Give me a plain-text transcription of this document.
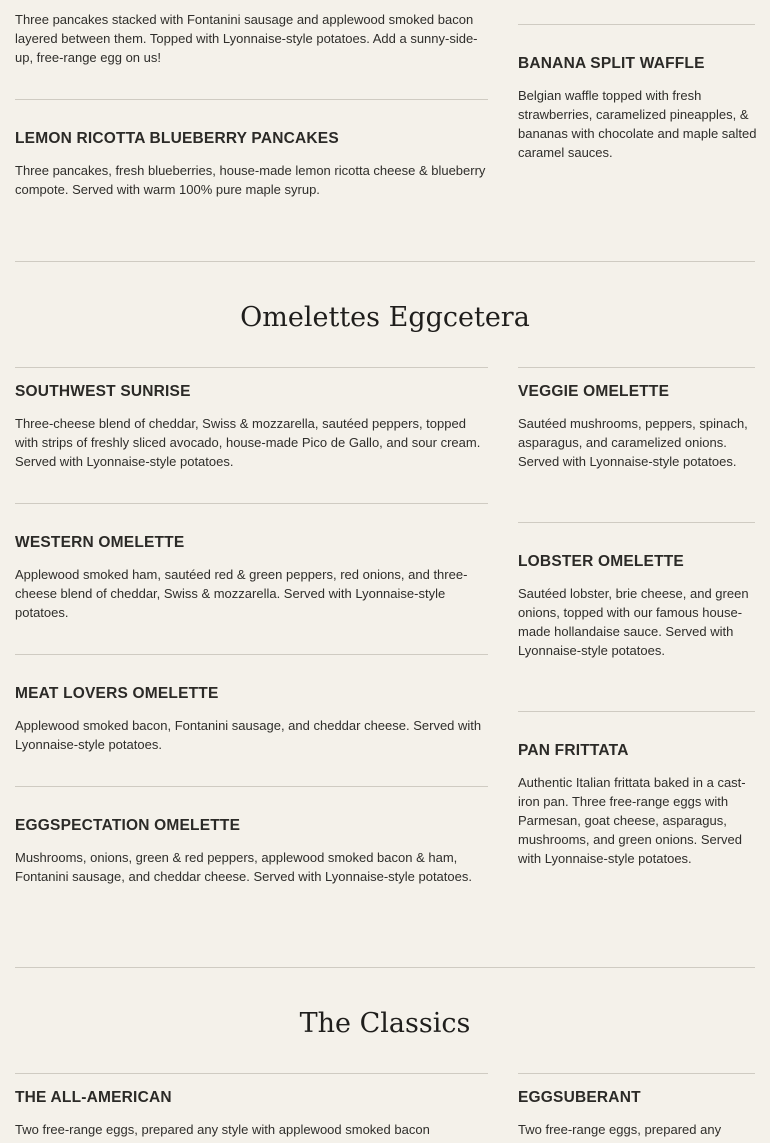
Three pancakes stacked with Fontanini sausage and applewood smoked bacon layered between them. Topped with Lyonnaise-style potatoes. Add a sunny-side-up, free-range egg on us!

LEMON RICOTTA BLUEBERRY PANCAKES

Three pancakes, fresh blueberries, house-made lemon ricotta cheese & blueberry compote. Served with warm 100% pure maple syrup.

BANANA SPLIT WAFFLE

Belgian waffle topped with fresh strawberries, caramelized pineapples, & bananas with chocolate and maple salted caramel sauces.

Omelettes Eggcetera
SOUTHWEST SUNRISE

Three-cheese blend of cheddar, Swiss & mozzarella, sautéed peppers, topped with strips of freshly sliced avocado, house-made Pico de Gallo, and sour cream. Served with Lyonnaise-style potatoes.

WESTERN OMELETTE

Applewood smoked ham, sautéed red & green peppers, red onions, and three-cheese blend of cheddar, Swiss & mozzarella. Served with Lyonnaise-style potatoes.

MEAT LOVERS OMELETTE

Applewood smoked bacon, Fontanini sausage, and cheddar cheese. Served with Lyonnaise-style potatoes.

EGGSPECTATION OMELETTE

Mushrooms, onions, green & red peppers, applewood smoked bacon & ham, Fontanini sausage, and cheddar cheese. Served with Lyonnaise-style potatoes.

VEGGIE OMELETTE

Sautéed mushrooms, peppers, spinach, asparagus, and caramelized onions. Served with Lyonnaise-style potatoes.

LOBSTER OMELETTE

Sautéed lobster, brie cheese, and green onions, topped with our famous house-made hollandaise sauce. Served with Lyonnaise-style potatoes.

PAN FRITTATA

Authentic Italian frittata baked in a cast-iron pan. Three free-range eggs with Parmesan, goat cheese, asparagus, mushrooms, and green onions. Served with Lyonnaise-style potatoes.

The Classics
THE ALL-AMERICAN

Two free-range eggs, prepared any style with applewood smoked bacon

EGGSUBERANT

Two free-range eggs, prepared any
